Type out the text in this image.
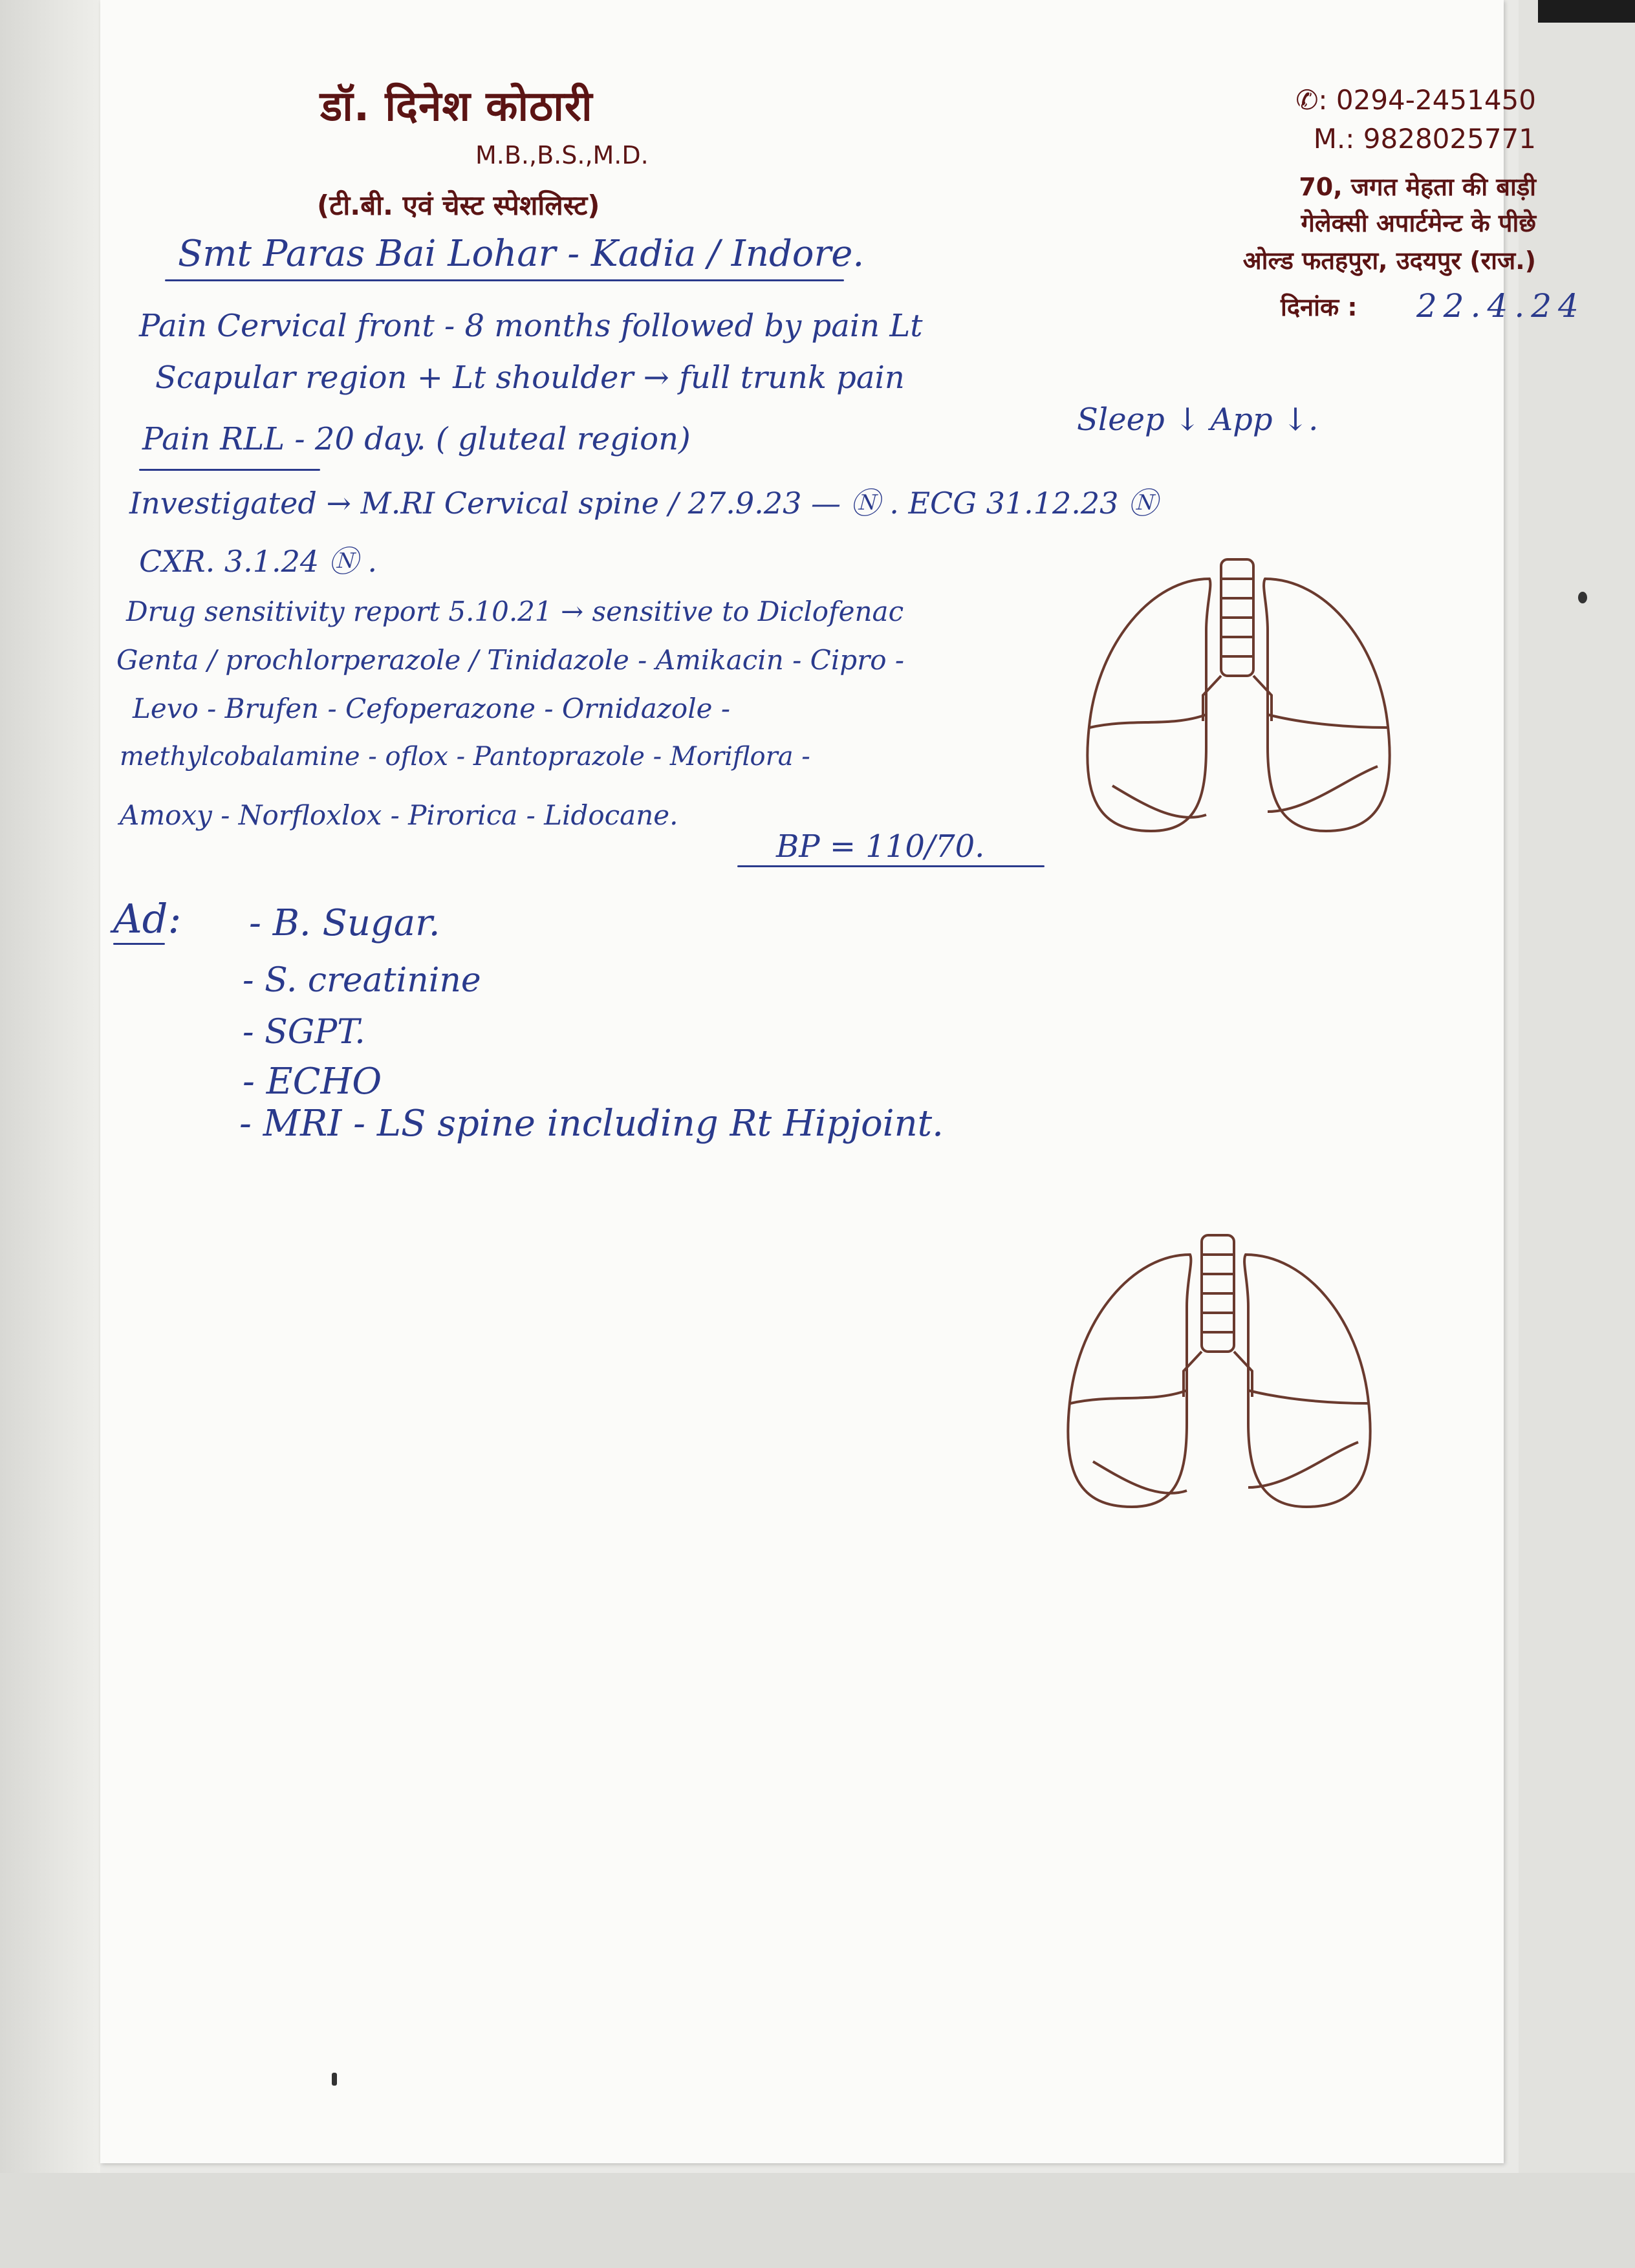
डॉ. दिनेश कोठारी
M.B.,B.S.,M.D.
(टी.बी. एवं चेस्ट स्पेशलिस्ट)
✆: 0294-2451450
M.: 9828025771
70, जगत मेहता की बाड़ी
गेलेक्सी अपार्टमेन्ट के पीछे
ओल्ड फतहपुरा, उदयपुर (राज.)
दिनांक : 22.4.24
Smt Paras Bai Lohar - Kadia / Indore.
Pain Cervical front - 8 months followed by pain Lt
Scapular region + Lt shoulder → full trunk pain
Pain RLL - 20 day. ( gluteal region)
Sleep ↓ App ↓.
Investigated → M.RI Cervical spine / 27.9.23 — Ⓝ . ECG 31.12.23 Ⓝ
CXR. 3.1.24 Ⓝ .
Drug sensitivity report 5.10.21 → sensitive to Diclofenac
Genta / prochlorperazole / Tinidazole - Amikacin - Cipro -
Levo - Brufen - Cefoperazone - Ornidazole -
methylcobalamine - oflox - Pantoprazole - Moriflora -
Amoxy - Norfloxlox - Pirorica - Lidocane.
BP = 110/70.
Ad: - B. Sugar.
- S. creatinine
- SGPT.
- ECHO
- MRI - LS spine including Rt Hipjoint.
